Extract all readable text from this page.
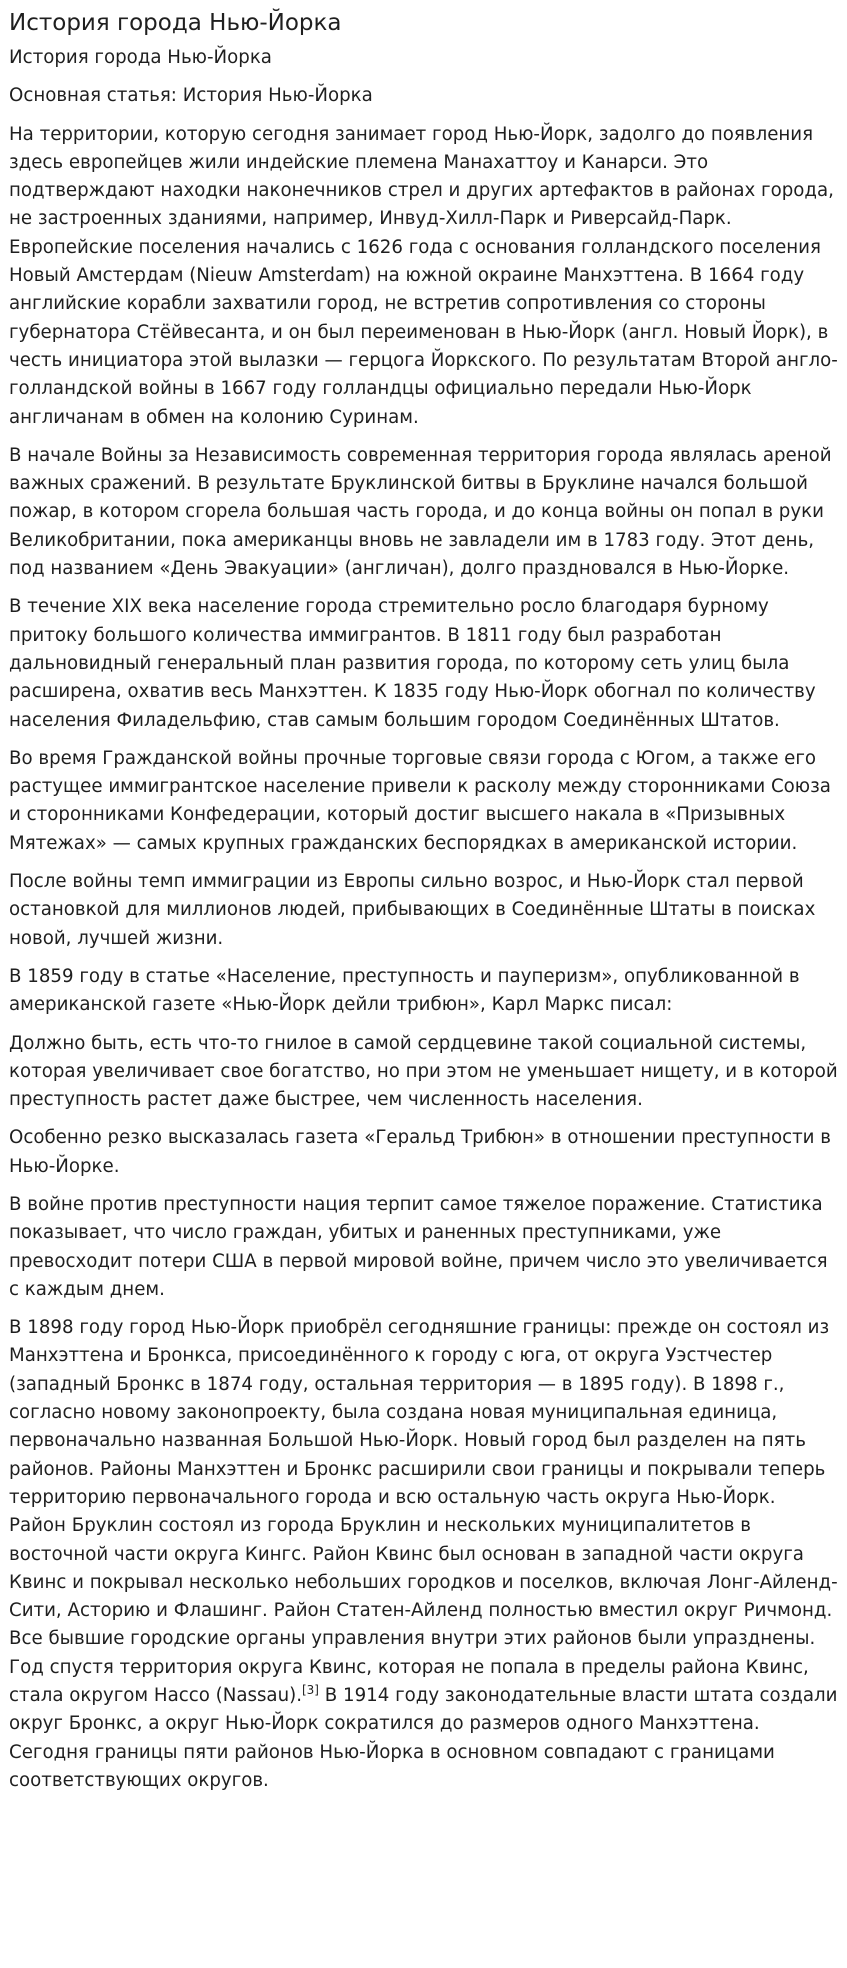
История города Нью-Йорка

История города Нью-Йорка

Основная статья: История Нью-Йорка

На территории, которую сегодня занимает город Нью-Йорк, задолго до появления здесь европейцев жили индейские племена Манахаттоу и Канарси. Это подтверждают находки наконечников стрел и других артефактов в районах города, не застроенных зданиями, например, Инвуд-Хилл-Парк и Риверсайд-Парк. Европейские поселения начались с 1626 года с основания голландского поселения Новый Амстердам (Nieuw Amsterdam) на южной окраине Манхэттена. В 1664 году английские корабли захватили город, не встретив сопротивления со стороны губернатора Стёйвесанта, и он был переименован в Нью-Йорк (англ. Новый Йорк), в честь инициатора этой вылазки — герцога Йоркского. По результатам Второй англо-голландской войны в 1667 году голландцы официально передали Нью-Йорк англичанам в обмен на колонию Суринам.

В начале Войны за Независимость современная территория города являлась ареной важных сражений. В результате Бруклинской битвы в Бруклине начался большой пожар, в котором сгорела большая часть города, и до конца войны он попал в руки Великобритании, пока американцы вновь не завладели им в 1783 году. Этот день, под названием «День Эвакуации» (англичан), долго праздновался в Нью-Йорке.

В течение XIX века население города стремительно росло благодаря бурному притоку большого количества иммигрантов. В 1811 году был разработан дальновидный генеральный план развития города, по которому сеть улиц была расширена, охватив весь Манхэттен. К 1835 году Нью-Йорк обогнал по количеству населения Филадельфию, став самым большим городом Соединённых Штатов.

Во время Гражданской войны прочные торговые связи города с Югом, а также его растущее иммигрантское население привели к расколу между сторонниками Союза и сторонниками Конфедерации, который достиг высшего накала в «Призывных Мятежах» — самых крупных гражданских беспорядках в американской истории.

После войны темп иммиграции из Европы сильно возрос, и Нью-Йорк стал первой остановкой для миллионов людей, прибывающих в Соединённые Штаты в поисках новой, лучшей жизни.

В 1859 году в статье «Население, преступность и пауперизм», опубликованной в американской газете «Нью-Йорк дейли трибюн», Карл Маркс писал:

Должно быть, есть что-то гнилое в самой сердцевине такой социальной системы, которая увеличивает свое богатство, но при этом не уменьшает нищету, и в которой преступность растет даже быстрее, чем численность населения.

Особенно резко высказалась газета «Геральд Трибюн» в отношении преступности в Нью-Йорке.

В войне против преступности нация терпит самое тяжелое поражение. Статистика показывает, что число граждан, убитых и раненных преступниками, уже превосходит потери США в первой мировой войне, причем число это увеличивается с каждым днем.

В 1898 году город Нью-Йорк приобрёл сегодняшние границы: прежде он состоял из Манхэттена и Бронкса, присоединённого к городу с юга, от округа Уэстчестер (западный Бронкс в 1874 году, остальная территория — в 1895 году). В 1898 г., согласно новому законопроекту, была создана новая муниципальная единица, первоначально названная Большой Нью-Йорк. Новый город был разделен на пять районов. Районы Манхэттен и Бронкс расширили свои границы и покрывали теперь территорию первоначального города и всю остальную часть округа Нью-Йорк. Район Бруклин состоял из города Бруклин и нескольких муниципалитетов в восточной части округа Кингс. Район Квинс был основан в западной части округа Квинс и покрывал несколько небольших городков и поселков, включая Лонг-Айленд-Сити, Асторию и Флашинг. Район Статен-Айленд полностью вместил округ Ричмонд. Все бывшие городские органы управления внутри этих районов были упразднены. Год спустя территория округа Квинс, которая не попала в пределы района Квинс, стала округом Нассо (Nassau).[3] В 1914 году законодательные власти штата создали округ Бронкс, а округ Нью-Йорк сократился до размеров одного Манхэттена. Сегодня границы пяти районов Нью-Йорка в основном совпадают с границами соответствующих округов.
